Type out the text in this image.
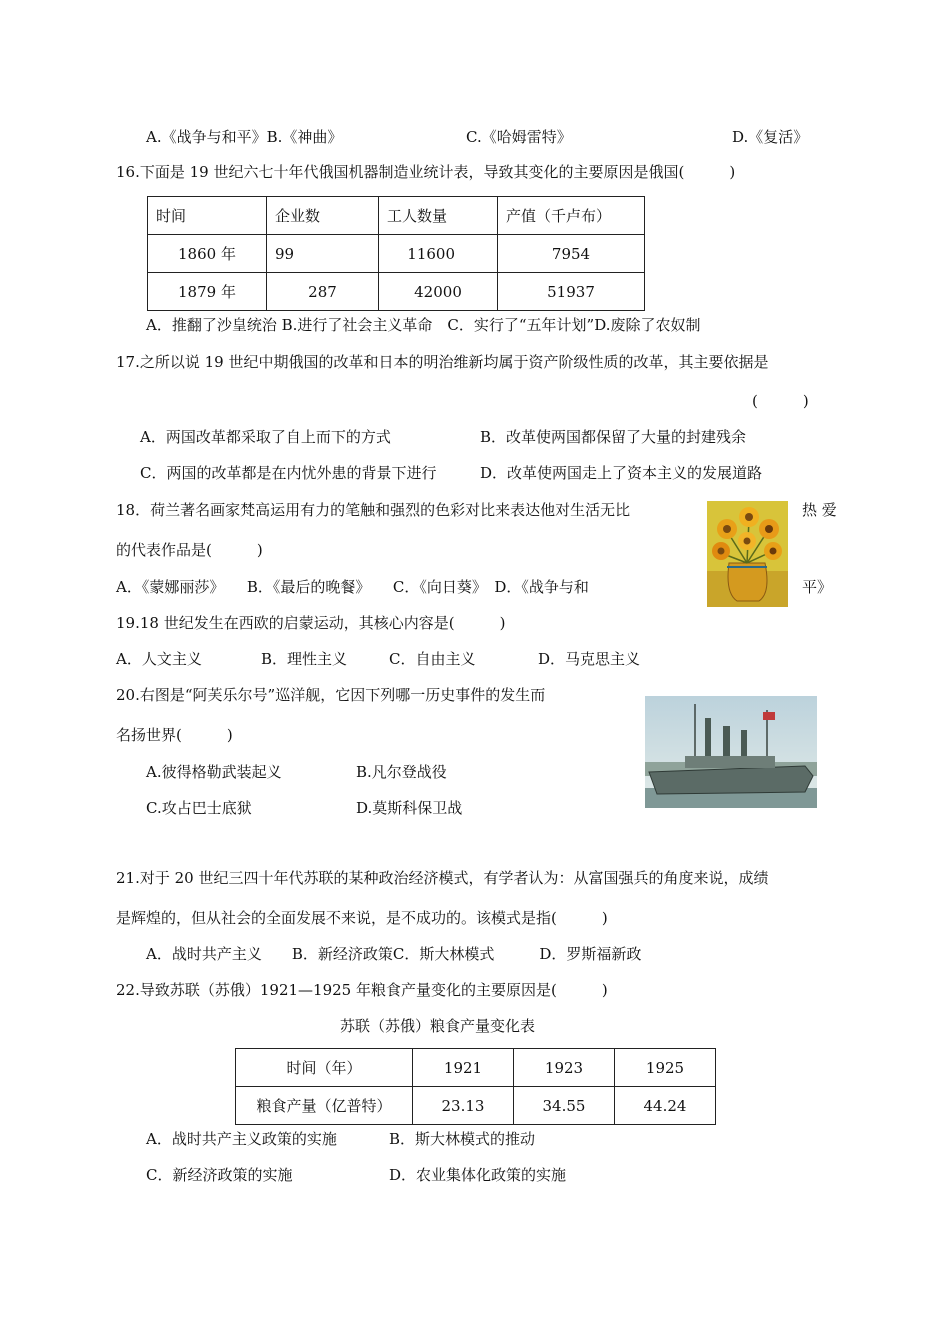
A.《战争与和平》B.《神曲》	C.《哈姆雷特》	D.《复活》
16.下面是 19 世纪六七十年代俄国机器制造业统计表，导致其变化的主要原因是俄国(　　　)
时间	企业数	工人数量	产值（千卢布）
1860 年	99	11600	7954
1879 年	287	42000	51937
A．推翻了沙皇统治 B.进行了社会主义革命　C．实行了“五年计划”D.废除了农奴制
17.之所以说 19 世纪中期俄国的改革和日本的明治维新均属于资产阶级性质的改革，其主要依据是
(　　　)
A．两国改革都采取了自上而下的方式	B．改革使两国都保留了大量的封建残余
C．两国的改革都是在内忧外患的背景下进行	D．改革使两国走上了资本主义的发展道路
18．荷兰著名画家梵高运用有力的笔触和强烈的色彩对比来表达他对生活无比	热 爱
的代表作品是(　　　)
A．《蒙娜丽莎》　　B．《最后的晚餐》　　C．《向日葵》　D．《战争与和	平》
19.18 世纪发生在西欧的启蒙运动，其核心内容是(　　　)
A．人文主义	B．理性主义	C．自由主义	D．马克思主义
20.右图是“阿芙乐尔号”巡洋舰，它因下列哪一历史事件的发生而
名扬世界(　　　)
A.彼得格勒武装起义	B.凡尔登战役
C.攻占巴士底狱	D.莫斯科保卫战
21.对于 20 世纪三四十年代苏联的某种政治经济模式，有学者认为：从富国强兵的角度来说，成绩
是辉煌的，但从社会的全面发展不来说，是不成功的。该模式是指(　　　)
A．战时共产主义　　B．新经济政策C．斯大林模式　　　D．罗斯福新政
22.导致苏联（苏俄）1921—1925 年粮食产量变化的主要原因是(　　　)
苏联（苏俄）粮食产量变化表
时间（年）	1921	1923	1925
粮食产量（亿普特）	23.13	34.55	44.24
A．战时共产主义政策的实施	B．斯大林模式的推动
C．新经济政策的实施	D．农业集体化政策的实施
